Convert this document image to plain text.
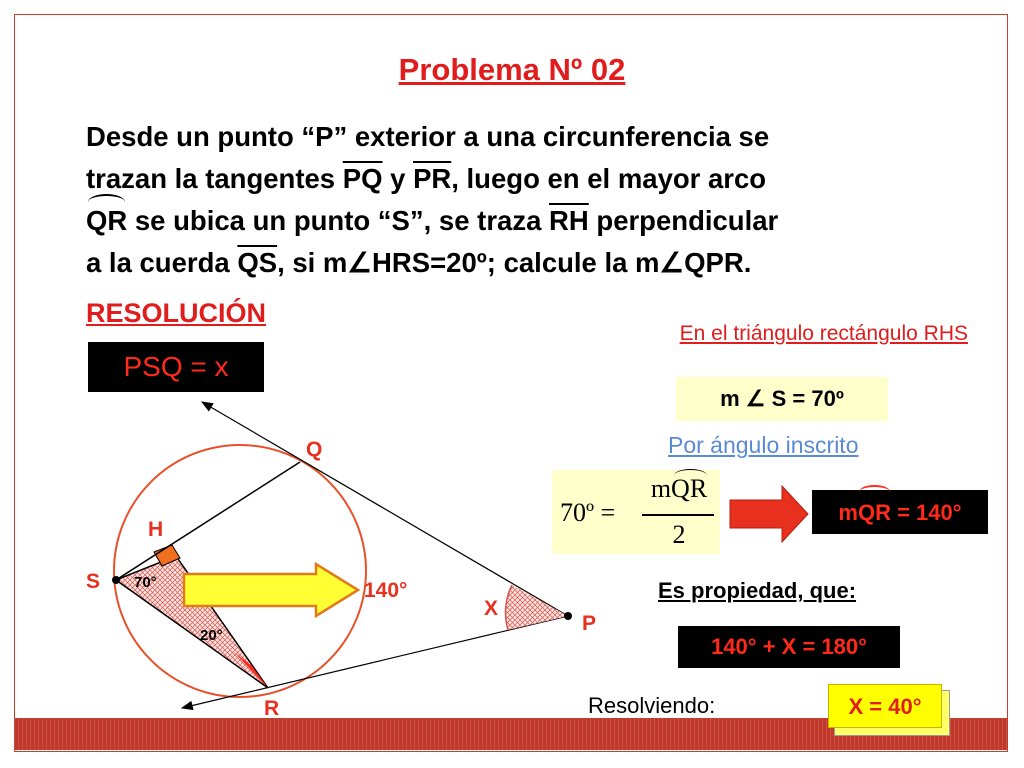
Problema Nº 02
Desde un punto “P” exterior a una circunferencia se
trazan la tangentes $\overline{PQ}$ y $\overline{PR}$, luego en el mayor arco
QR se ubica un punto “S”, se traza $\overline{RH}$ perpendicular
a la cuerda $\overline{QS}$, si m∠HRS=20º; calcule la m∠QPR.
RESOLUCIÓN
PSQ = x
Q
H
S 70°	140°
X
P
20°
R
En el triángulo rectángulo RHS
m ∠ S = 70º
Por ángulo inscrito
70º =
mQR
2
mQR = 140°
Es propiedad, que:
140° + X = 180°
Resolviendo:	X = 40°
